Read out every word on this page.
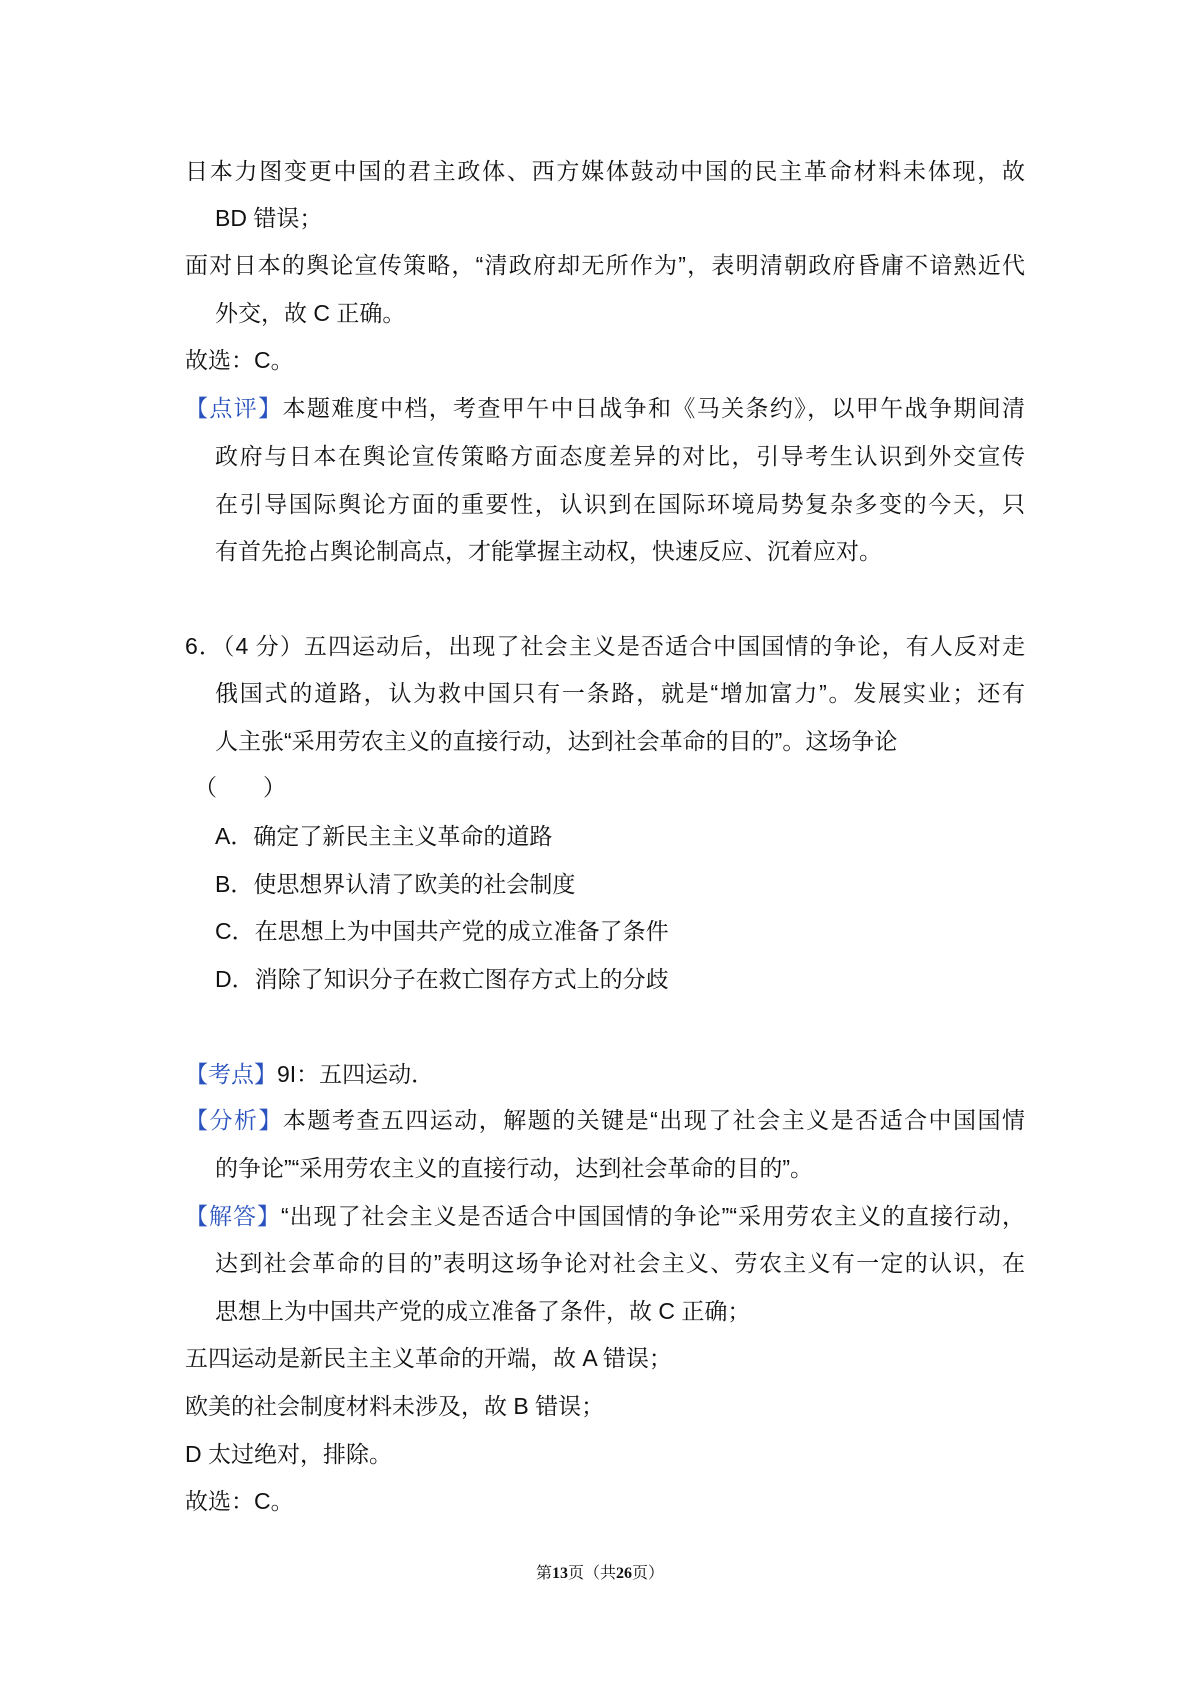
日本力图变更中国的君主政体、西方媒体鼓动中国的民主革命材料未体现，故
BD 错误；
面对日本的舆论宣传策略，“清政府却无所作为”，表明清朝政府昏庸不谙熟近代
外交，故 C 正确。
故选：C。
【点评】本题难度中档，考查甲午中日战争和《马关条约》，以甲午战争期间清
政府与日本在舆论宣传策略方面态度差异的对比，引导考生认识到外交宣传
在引导国际舆论方面的重要性，认识到在国际环境局势复杂多变的今天，只
有首先抢占舆论制高点，才能掌握主动权，快速反应、沉着应对。
6．（4 分）五四运动后，出现了社会主义是否适合中国国情的争论，有人反对走
俄国式的道路，认为救中国只有一条路，就是“增加富力”。发展实业；还有
人主张“采用劳农主义的直接行动，达到社会革命的目的”。这场争论
（　　）
A．确定了新民主主义革命的道路
B．使思想界认清了欧美的社会制度
C．在思想上为中国共产党的成立准备了条件
D．消除了知识分子在救亡图存方式上的分歧
【考点】9I：五四运动．
【分析】本题考查五四运动，解题的关键是“出现了社会主义是否适合中国国情
的争论”“采用劳农主义的直接行动，达到社会革命的目的”。
【解答】“出现了社会主义是否适合中国国情的争论”“采用劳农主义的直接行动，
达到社会革命的目的”表明这场争论对社会主义、劳农主义有一定的认识，在
思想上为中国共产党的成立准备了条件，故 C 正确；
五四运动是新民主主义革命的开端，故 A 错误；
欧美的社会制度材料未涉及，故 B 错误；
D 太过绝对，排除。
故选：C。
第13页（共26页）
